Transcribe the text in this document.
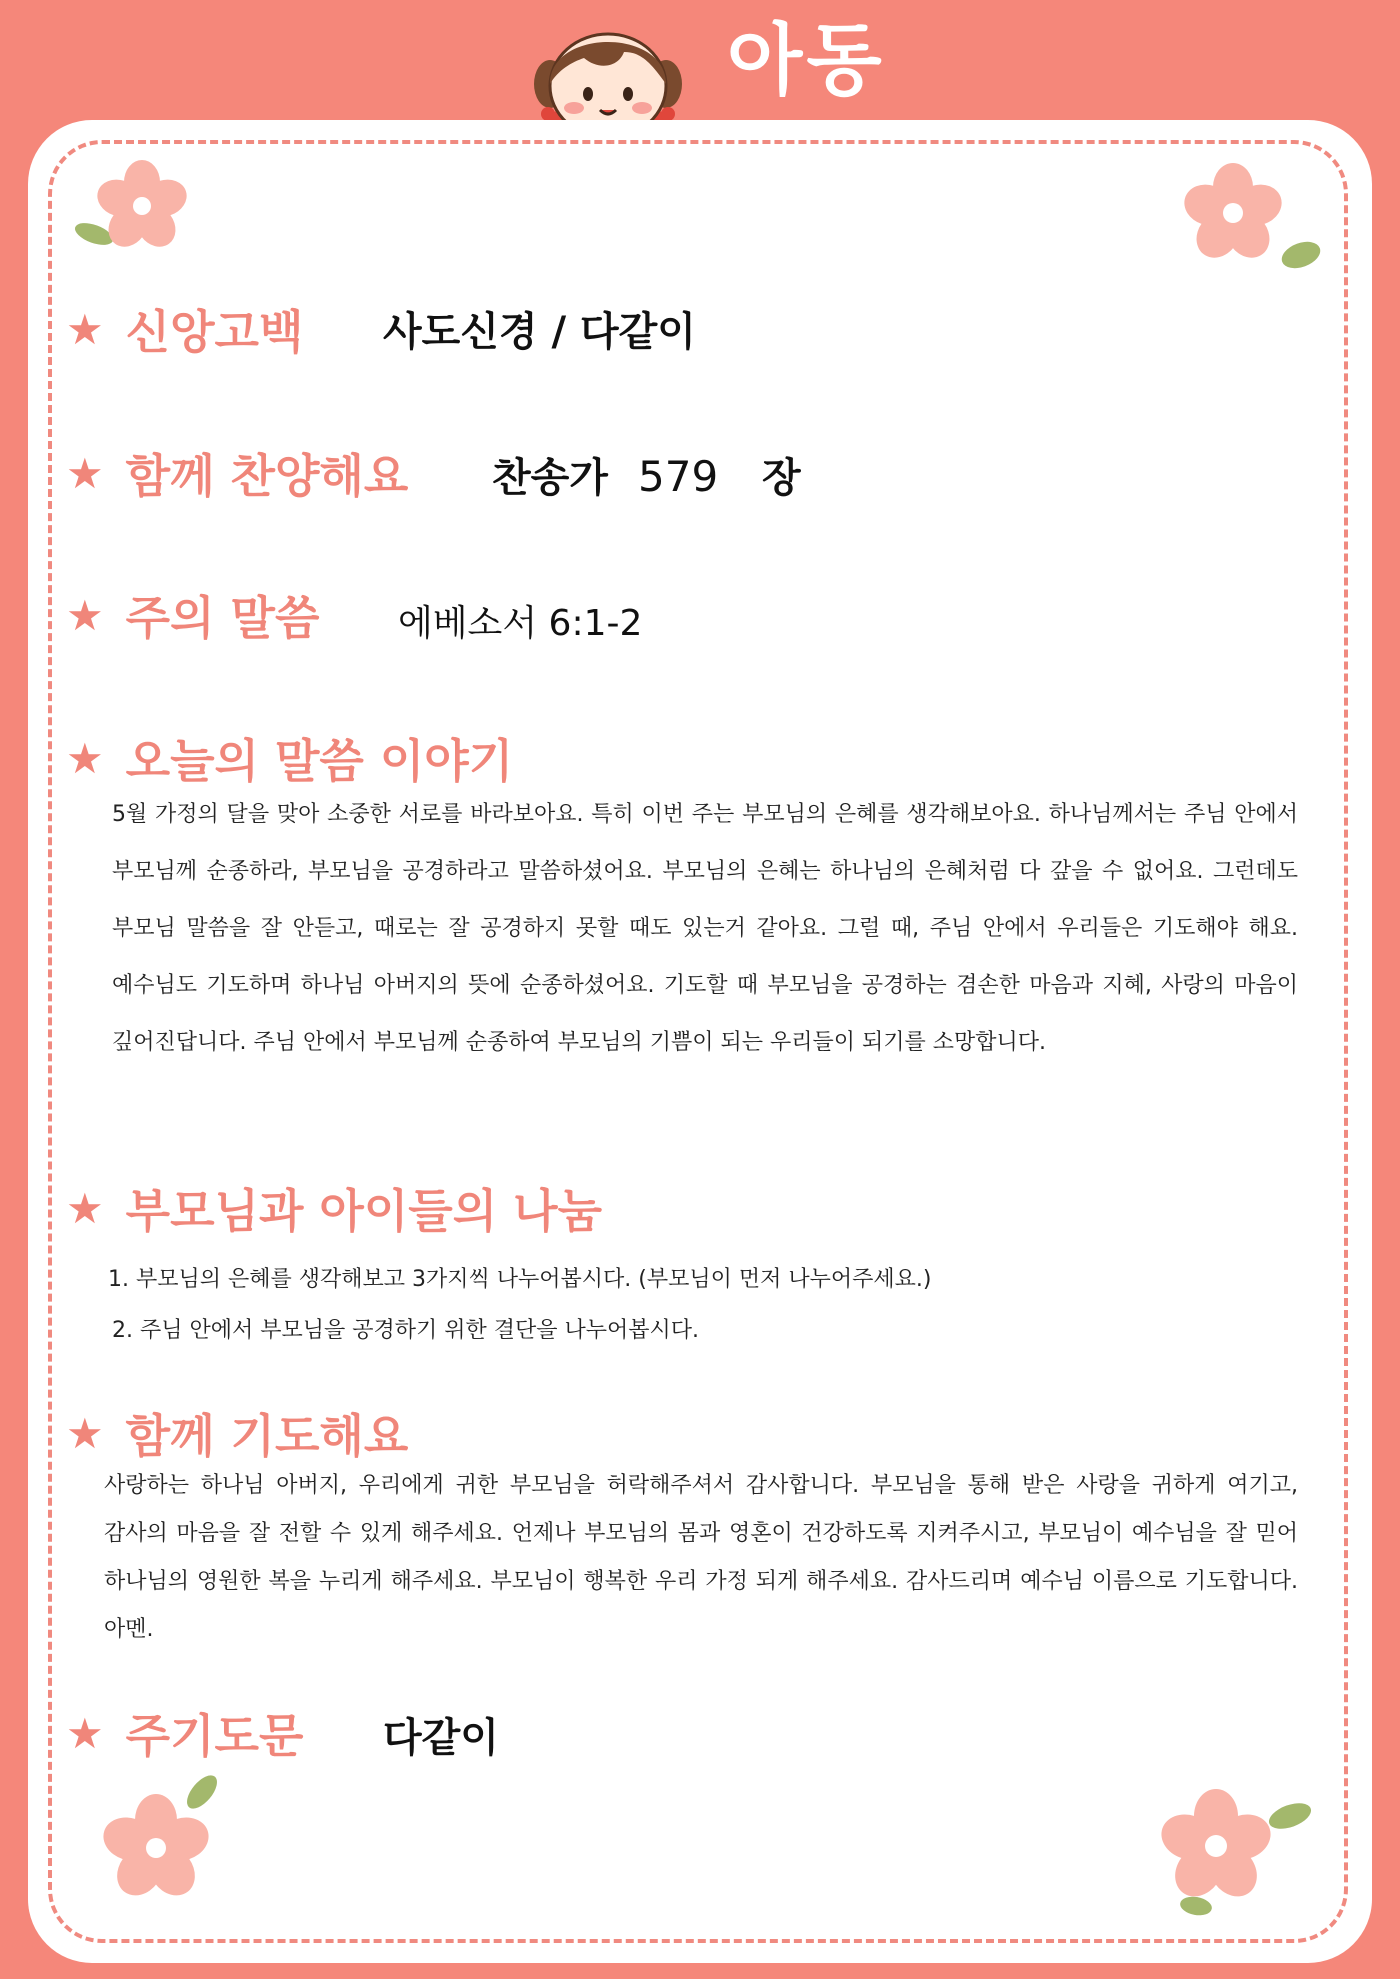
아동
★ 신앙고백 사도신경 / 다같이
★ 함께 찬양해요 찬송가 579 장
★ 주의 말씀 에베소서 6:1-2
★ 오늘의 말씀 이야기
5월 가정의 달을 맞아 소중한 서로를 바라보아요. 특히 이번 주는 부모님의 은혜를 생각해보아요. 하나님께서는 주님 안에서 부모님께 순종하라, 부모님을 공경하라고 말씀하셨어요. 부모님의 은혜는 하나님의 은혜처럼 다 갚을 수 없어요. 그런데도 부모님 말씀을 잘 안듣고, 때로는 잘 공경하지 못할 때도 있는거 같아요. 그럴 때, 주님 안에서 우리들은 기도해야 해요. 예수님도 기도하며 하나님 아버지의 뜻에 순종하셨어요. 기도할 때 부모님을 공경하는 겸손한 마음과 지혜, 사랑의 마음이 깊어진답니다. 주님 안에서 부모님께 순종하여 부모님의 기쁨이 되는 우리들이 되기를 소망합니다.
★ 부모님과 아이들의 나눔
1. 부모님의 은혜를 생각해보고 3가지씩 나누어봅시다. (부모님이 먼저 나누어주세요.)
2. 주님 안에서 부모님을 공경하기 위한 결단을 나누어봅시다.
★ 함께 기도해요
사랑하는 하나님 아버지, 우리에게 귀한 부모님을 허락해주셔서 감사합니다. 부모님을 통해 받은 사랑을 귀하게 여기고, 감사의 마음을 잘 전할 수 있게 해주세요. 언제나 부모님의 몸과 영혼이 건강하도록 지켜주시고, 부모님이 예수님을 잘 믿어 하나님의 영원한 복을 누리게 해주세요. 부모님이 행복한 우리 가정 되게 해주세요. 감사드리며 예수님 이름으로 기도합니다. 아멘.
★ 주기도문 다같이
